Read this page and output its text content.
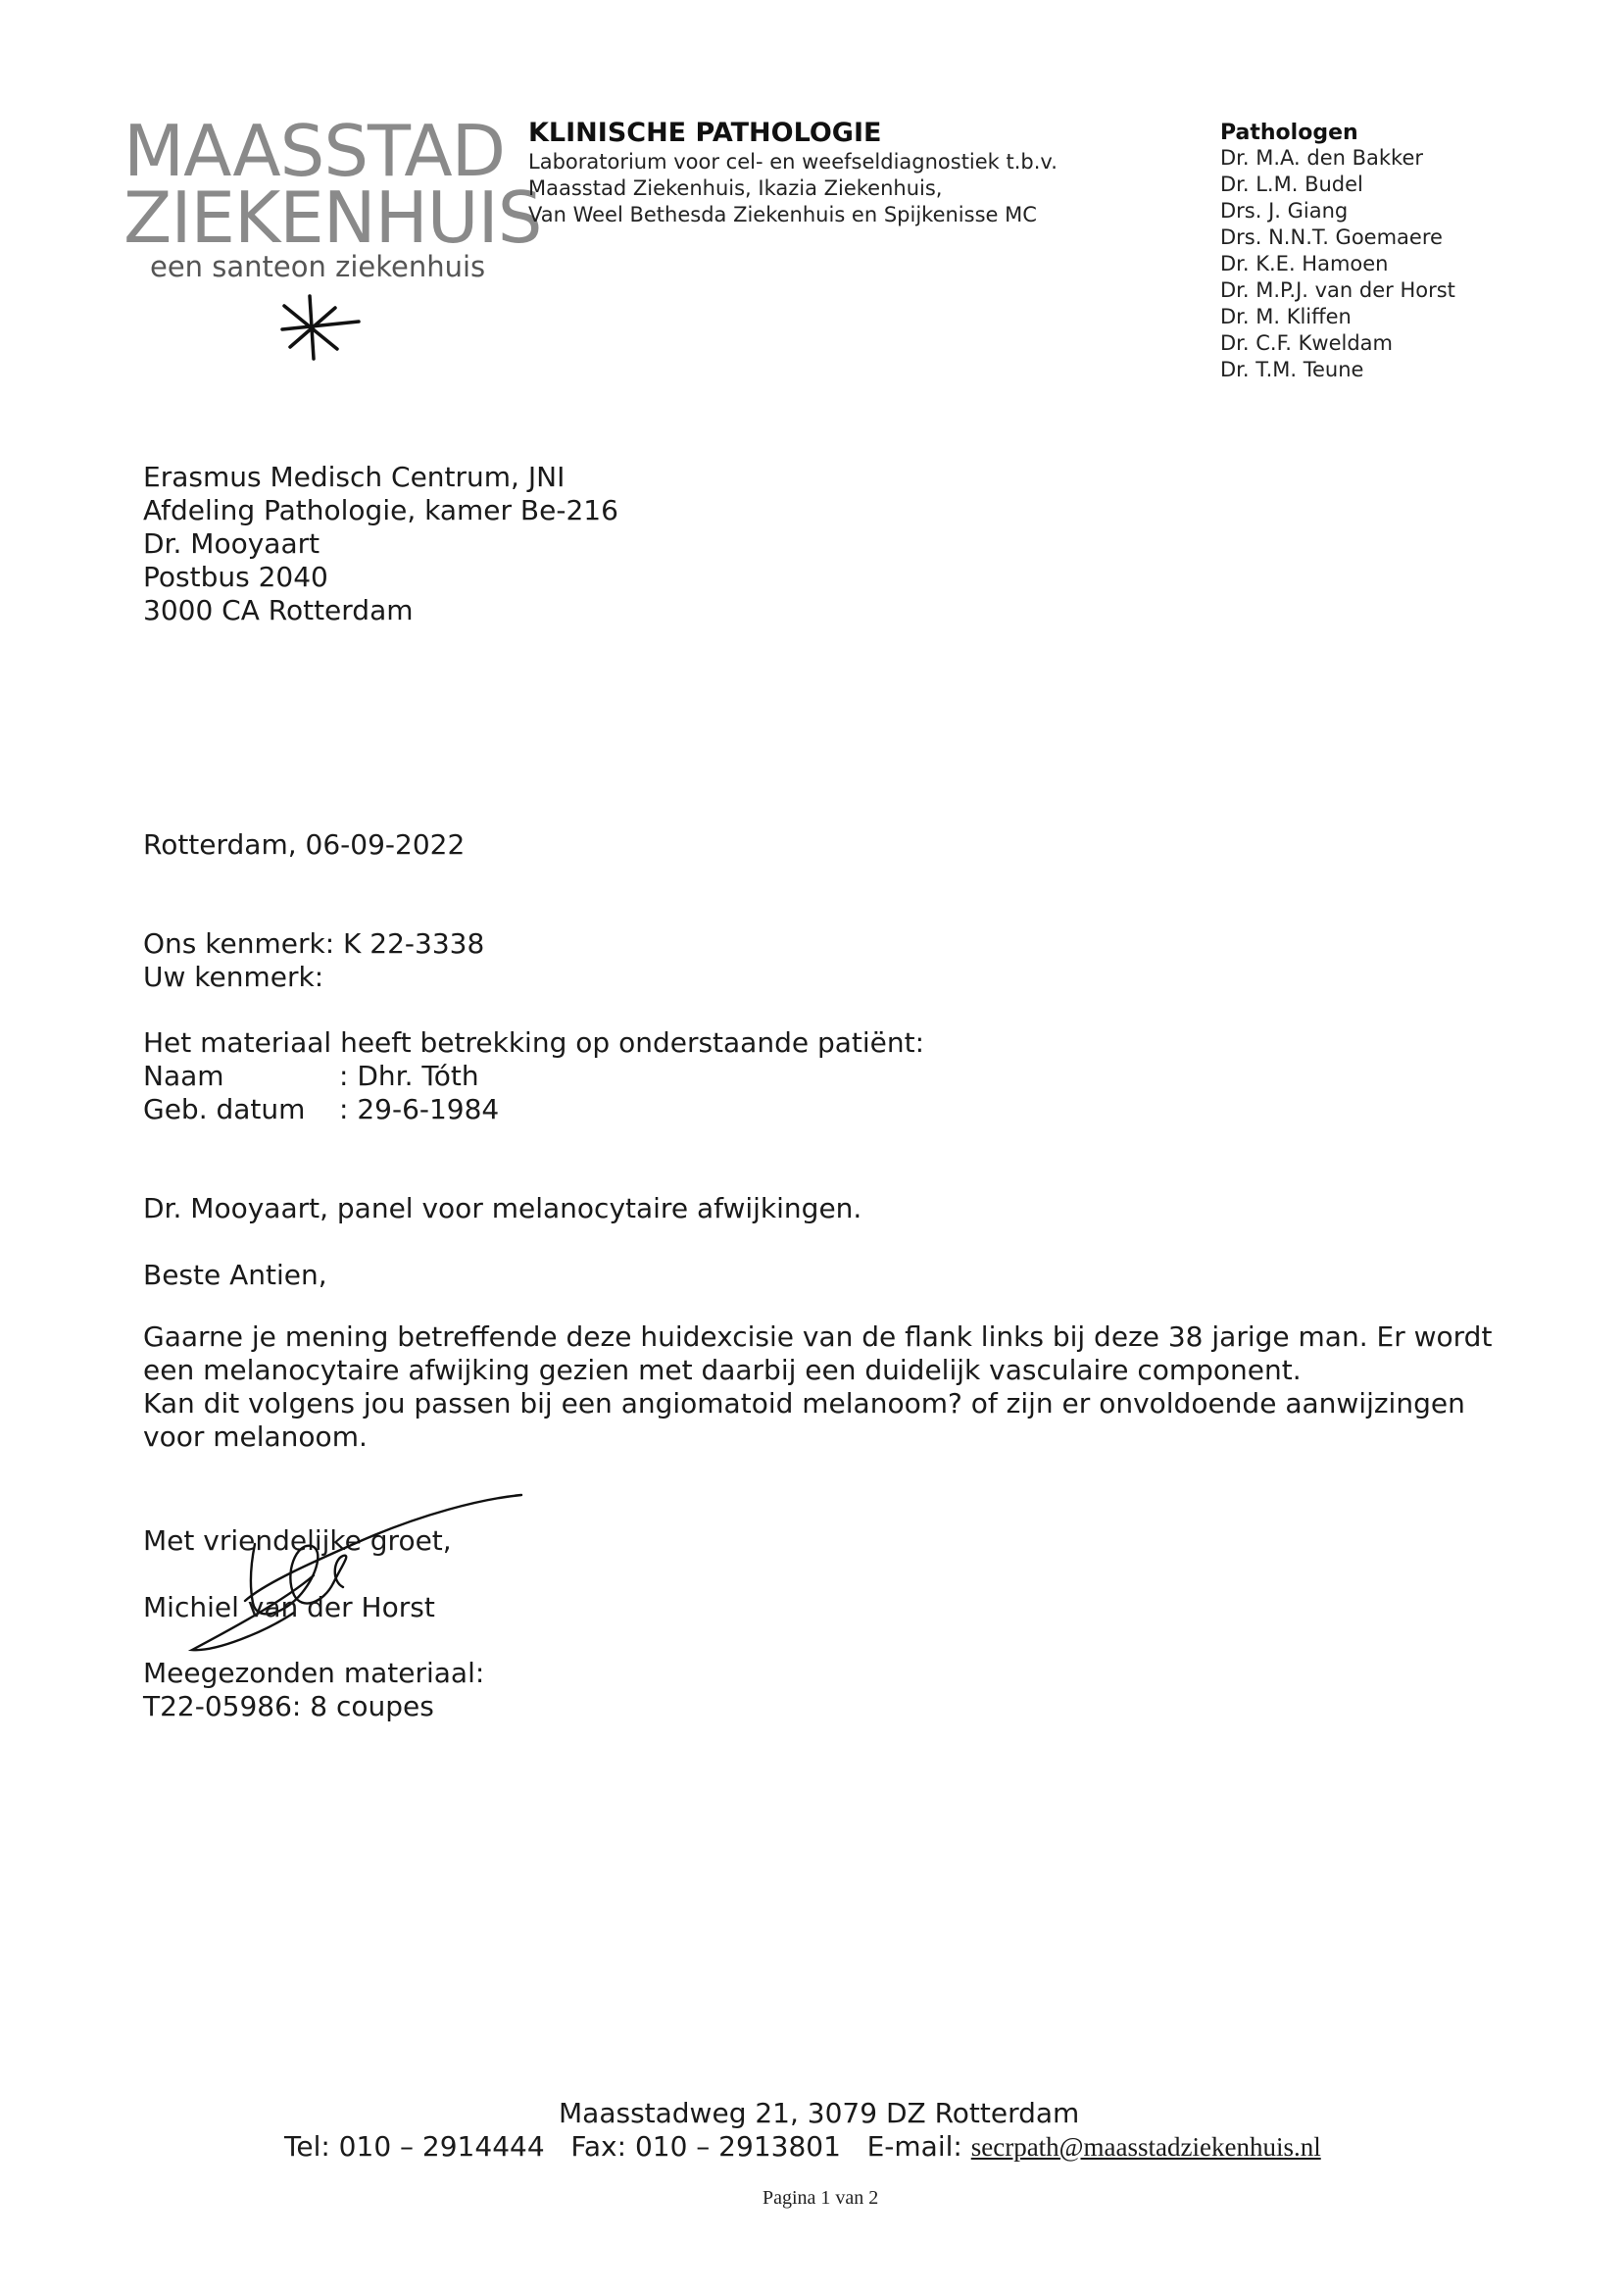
MAASSTAD
ZIEKENHUIS
een santeon ziekenhuis
KLINISCHE PATHOLOGIE
Laboratorium voor cel- en weefseldiagnostiek t.b.v.
Maasstad Ziekenhuis, Ikazia Ziekenhuis,
Van Weel Bethesda Ziekenhuis en Spijkenisse MC
Pathologen
Dr. M.A. den Bakker
Dr. L.M. Budel
Drs. J. Giang
Drs. N.N.T. Goemaere
Dr. K.E. Hamoen
Dr. M.P.J. van der Horst
Dr. M. Kliffen
Dr. C.F. Kweldam
Dr. T.M. Teune
Erasmus Medisch Centrum, JNI
Afdeling Pathologie, kamer Be-216
Dr. Mooyaart
Postbus 2040
3000 CA Rotterdam
Rotterdam, 06-09-2022
Ons kenmerk: K 22-3338
Uw kenmerk:
Het materiaal heeft betrekking op onderstaande patiënt:
Naam	: Dhr. Tóth
Geb. datum : 29-6-1984
Dr. Mooyaart, panel voor melanocytaire afwijkingen.
Beste Antien,
Gaarne je mening betreffende deze huidexcisie van de flank links bij deze 38 jarige man. Er wordt
een melanocytaire afwijking gezien met daarbij een duidelijk vasculaire component.
Kan dit volgens jou passen bij een angiomatoid melanoom? of zijn er onvoldoende aanwijzingen
voor melanoom.
Met vriendelijke groet,
Michiel van der Horst
Meegezonden materiaal:
T22-05986: 8 coupes
Maasstadweg 21, 3079 DZ Rotterdam
Tel: 010 – 2914444 Fax: 010 – 2913801 E-mail: secrpath@maasstadziekenhuis.nl
Pagina 1 van 2
